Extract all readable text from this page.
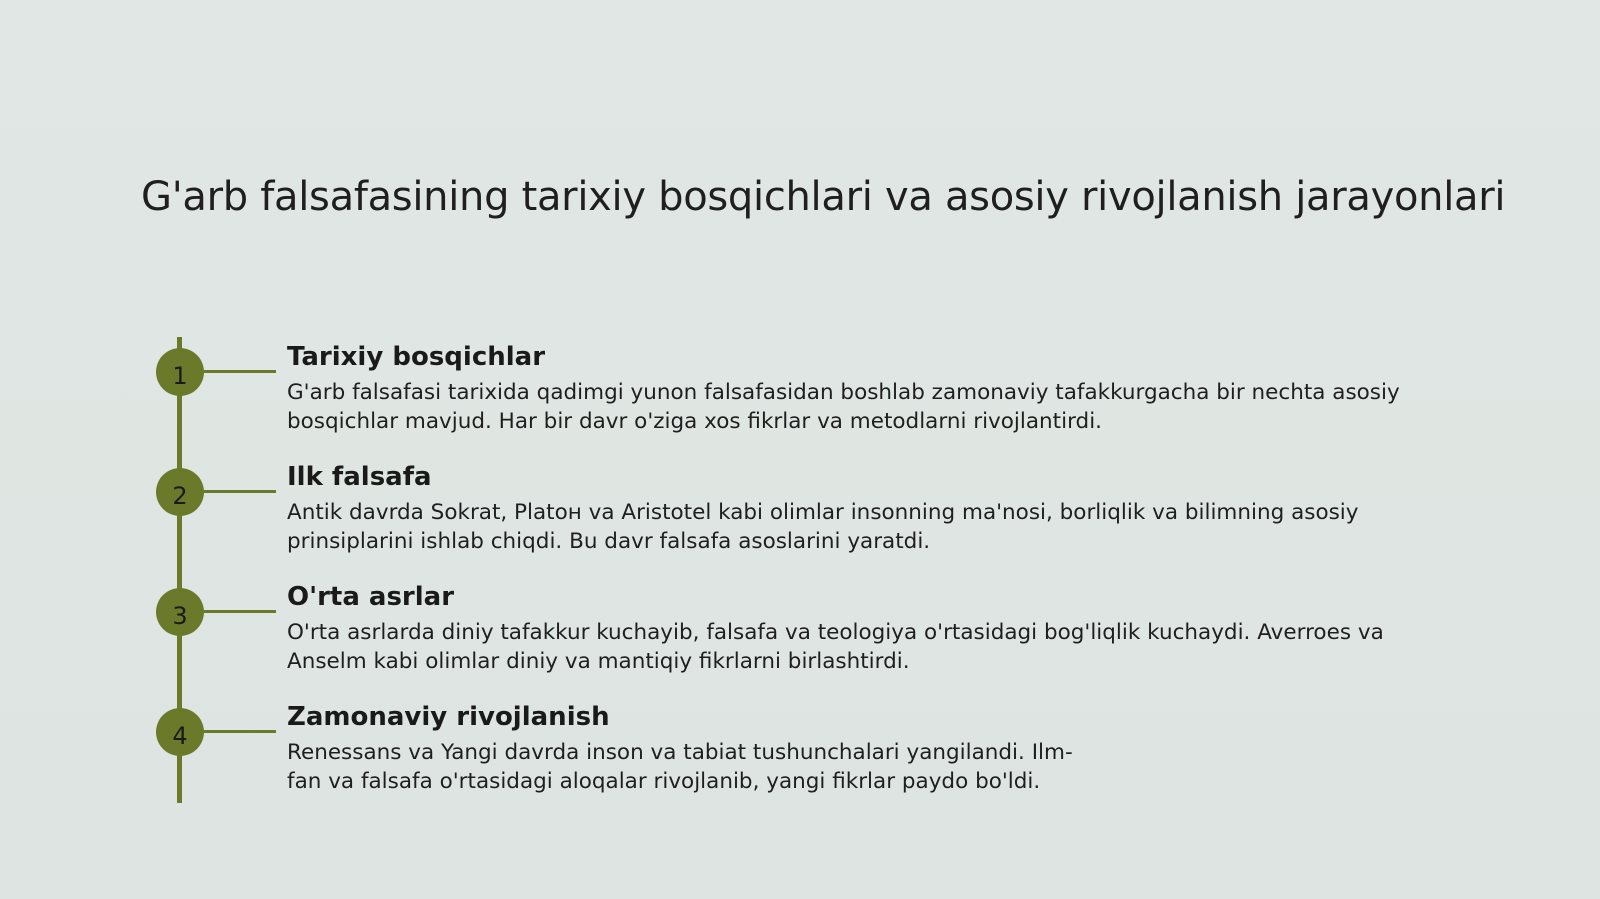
G'arb falsafasining tarixiy bosqichlari va asosiy rivojlanish jarayonlari
1
Tarixiy bosqichlar
G'arb falsafasi tarixida qadimgi yunon falsafasidan boshlab zamonaviy tafakkurgacha bir nechta asosiy bosqichlar mavjud. Har bir davr o'ziga xos fikrlar va metodlarni rivojlantirdi.
2
Ilk falsafa
Antik davrda Sokrat, Platoн va Aristotel kabi olimlar insonning ma'nosi, borliqlik va bilimning asosiy prinsiplarini ishlab chiqdi. Bu davr falsafa asoslarini yaratdi.
3
O'rta asrlar
O'rta asrlarda diniy tafakkur kuchayib, falsafa va teologiya o'rtasidagi bog'liqlik kuchaydi. Averroes va Anselm kabi olimlar diniy va mantiqiy fikrlarni birlashtirdi.
4
Zamonaviy rivojlanish
Renessans va Yangi davrda inson va tabiat tushunchalari yangilandi. Ilm-fan va falsafa o'rtasidagi aloqalar rivojlanib, yangi fikrlar paydo bo'ldi.
